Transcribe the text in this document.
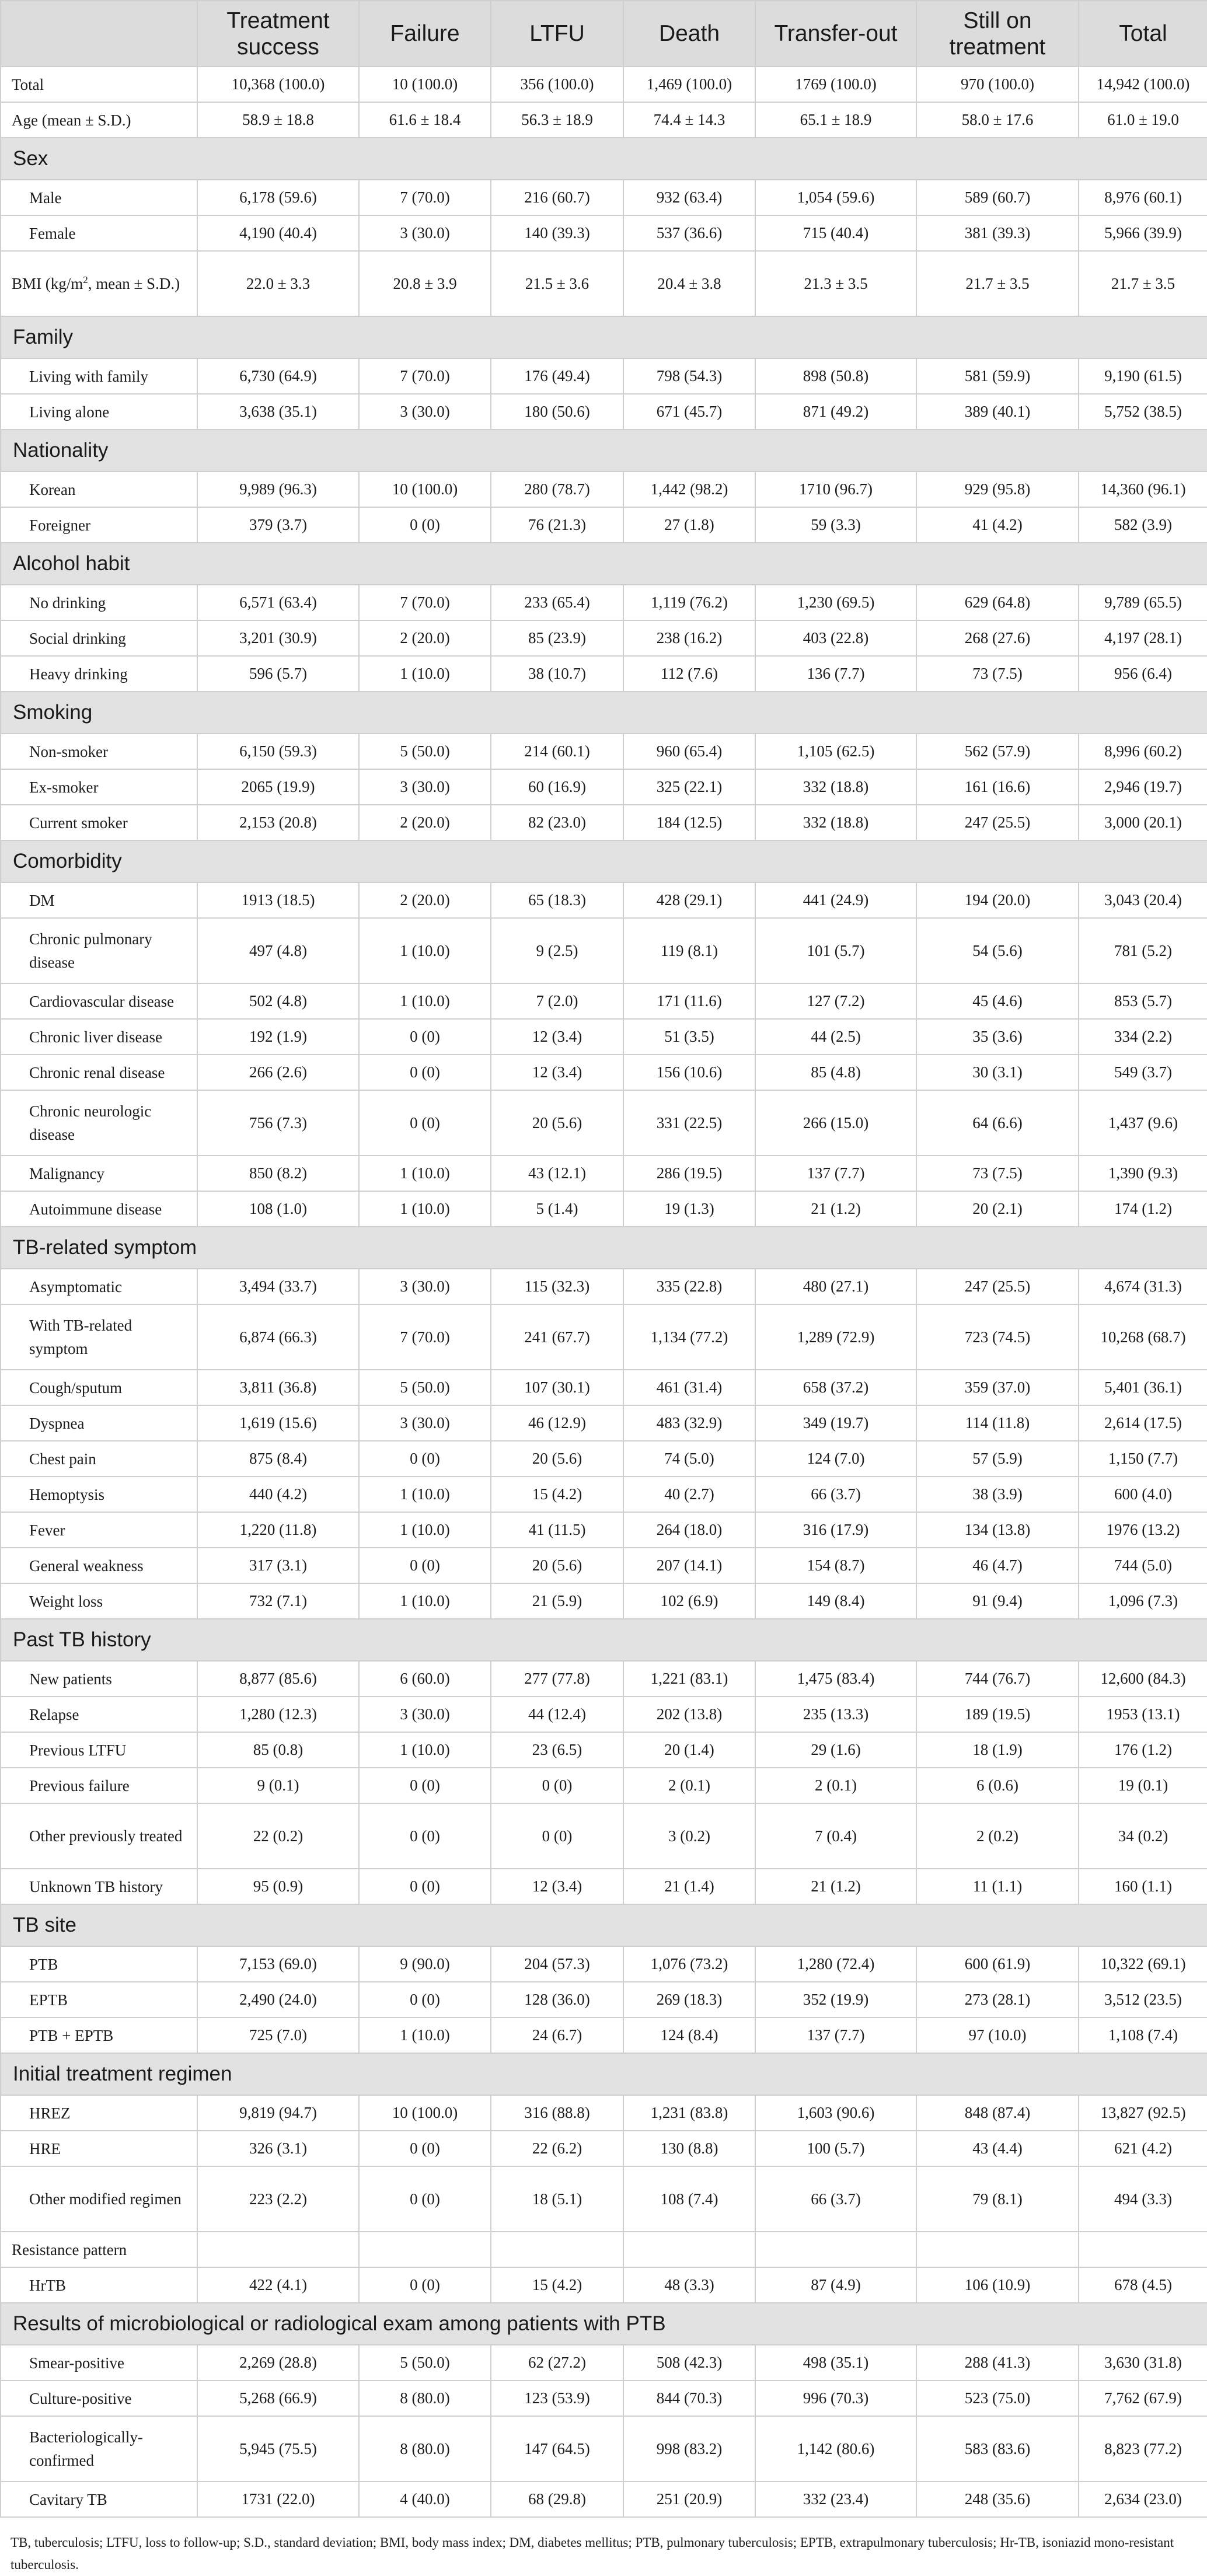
	Treatment success	Failure	LTFU	Death	Transfer-out	Still on treatment	Total
Total	10,368 (100.0)	10 (100.0)	356 (100.0)	1,469 (100.0)	1769 (100.0)	970 (100.0)	14,942 (100.0)
Age (mean ± S.D.)	58.9 ± 18.8	61.6 ± 18.4	56.3 ± 18.9	74.4 ± 14.3	65.1 ± 18.9	58.0 ± 17.6	61.0 ± 19.0
Sex							
Male	6,178 (59.6)	7 (70.0)	216 (60.7)	932 (63.4)	1,054 (59.6)	589 (60.7)	8,976 (60.1)
Female	4,190 (40.4)	3 (30.0)	140 (39.3)	537 (36.6)	715 (40.4)	381 (39.3)	5,966 (39.9)
BMI ($kg/m^2$, mean ± S.D.)	22.0 ± 3.3	20.8 ± 3.9	21.5 ± 3.6	20.4 ± 3.8	21.3 ± 3.5	21.7 ± 3.5	21.7 ± 3.5
Family							
Living with family	6,730 (64.9)	7 (70.0)	176 (49.4)	798 (54.3)	898 (50.8)	581 (59.9)	9,190 (61.5)
Living alone	3,638 (35.1)	3 (30.0)	180 (50.6)	671 (45.7)	871 (49.2)	389 (40.1)	5,752 (38.5)
Nationality							
Korean	9,989 (96.3)	10 (100.0)	280 (78.7)	1,442 (98.2)	1710 (96.7)	929 (95.8)	14,360 (96.1)
Foreigner	379 (3.7)	0 (0)	76 (21.3)	27 (1.8)	59 (3.3)	41 (4.2)	582 (3.9)
Alcohol habit							
No drinking	6,571 (63.4)	7 (70.0)	233 (65.4)	1,119 (76.2)	1,230 (69.5)	629 (64.8)	9,789 (65.5)
Social drinking	3,201 (30.9)	2 (20.0)	85 (23.9)	238 (16.2)	403 (22.8)	268 (27.6)	4,197 (28.1)
Heavy drinking	596 (5.7)	1 (10.0)	38 (10.7)	112 (7.6)	136 (7.7)	73 (7.5)	956 (6.4)
Smoking							
Non-smoker	6,150 (59.3)	5 (50.0)	214 (60.1)	960 (65.4)	1,105 (62.5)	562 (57.9)	8,996 (60.2)
Ex-smoker	2065 (19.9)	3 (30.0)	60 (16.9)	325 (22.1)	332 (18.8)	161 (16.6)	2,946 (19.7)
Current smoker	2,153 (20.8)	2 (20.0)	82 (23.0)	184 (12.5)	332 (18.8)	247 (25.5)	3,000 (20.1)
Comorbidity							
DM	1913 (18.5)	2 (20.0)	65 (18.3)	428 (29.1)	441 (24.9)	194 (20.0)	3,043 (20.4)
Chronic pulmonary disease	497 (4.8)	1 (10.0)	9 (2.5)	119 (8.1)	101 (5.7)	54 (5.6)	781 (5.2)
Cardiovascular disease	502 (4.8)	1 (10.0)	7 (2.0)	171 (11.6)	127 (7.2)	45 (4.6)	853 (5.7)
Chronic liver disease	192 (1.9)	0 (0)	12 (3.4)	51 (3.5)	44 (2.5)	35 (3.6)	334 (2.2)
Chronic renal disease	266 (2.6)	0 (0)	12 (3.4)	156 (10.6)	85 (4.8)	30 (3.1)	549 (3.7)
Chronic neurologic disease	756 (7.3)	0 (0)	20 (5.6)	331 (22.5)	266 (15.0)	64 (6.6)	1,437 (9.6)
Malignancy	850 (8.2)	1 (10.0)	43 (12.1)	286 (19.5)	137 (7.7)	73 (7.5)	1,390 (9.3)
Autoimmune disease	108 (1.0)	1 (10.0)	5 (1.4)	19 (1.3)	21 (1.2)	20 (2.1)	174 (1.2)
TB-related symptom							
Asymptomatic	3,494 (33.7)	3 (30.0)	115 (32.3)	335 (22.8)	480 (27.1)	247 (25.5)	4,674 (31.3)
With TB-related symptom	6,874 (66.3)	7 (70.0)	241 (67.7)	1,134 (77.2)	1,289 (72.9)	723 (74.5)	10,268 (68.7)
Cough/sputum	3,811 (36.8)	5 (50.0)	107 (30.1)	461 (31.4)	658 (37.2)	359 (37.0)	5,401 (36.1)
Dyspnea	1,619 (15.6)	3 (30.0)	46 (12.9)	483 (32.9)	349 (19.7)	114 (11.8)	2,614 (17.5)
Chest pain	875 (8.4)	0 (0)	20 (5.6)	74 (5.0)	124 (7.0)	57 (5.9)	1,150 (7.7)
Hemoptysis	440 (4.2)	1 (10.0)	15 (4.2)	40 (2.7)	66 (3.7)	38 (3.9)	600 (4.0)
Fever	1,220 (11.8)	1 (10.0)	41 (11.5)	264 (18.0)	316 (17.9)	134 (13.8)	1976 (13.2)
General weakness	317 (3.1)	0 (0)	20 (5.6)	207 (14.1)	154 (8.7)	46 (4.7)	744 (5.0)
Weight loss	732 (7.1)	1 (10.0)	21 (5.9)	102 (6.9)	149 (8.4)	91 (9.4)	1,096 (7.3)
Past TB history							
New patients	8,877 (85.6)	6 (60.0)	277 (77.8)	1,221 (83.1)	1,475 (83.4)	744 (76.7)	12,600 (84.3)
Relapse	1,280 (12.3)	3 (30.0)	44 (12.4)	202 (13.8)	235 (13.3)	189 (19.5)	1953 (13.1)
Previous LTFU	85 (0.8)	1 (10.0)	23 (6.5)	20 (1.4)	29 (1.6)	18 (1.9)	176 (1.2)
Previous failure	9 (0.1)	0 (0)	0 (0)	2 (0.1)	2 (0.1)	6 (0.6)	19 (0.1)
Other previously treated	22 (0.2)	0 (0)	0 (0)	3 (0.2)	7 (0.4)	2 (0.2)	34 (0.2)
Unknown TB history	95 (0.9)	0 (0)	12 (3.4)	21 (1.4)	21 (1.2)	11 (1.1)	160 (1.1)
TB site							
PTB	7,153 (69.0)	9 (90.0)	204 (57.3)	1,076 (73.2)	1,280 (72.4)	600 (61.9)	10,322 (69.1)
EPTB	2,490 (24.0)	0 (0)	128 (36.0)	269 (18.3)	352 (19.9)	273 (28.1)	3,512 (23.5)
PTB + EPTB	725 (7.0)	1 (10.0)	24 (6.7)	124 (8.4)	137 (7.7)	97 (10.0)	1,108 (7.4)
Initial treatment regimen							
HREZ	9,819 (94.7)	10 (100.0)	316 (88.8)	1,231 (83.8)	1,603 (90.6)	848 (87.4)	13,827 (92.5)
HRE	326 (3.1)	0 (0)	22 (6.2)	130 (8.8)	100 (5.7)	43 (4.4)	621 (4.2)
Other modified regimen	223 (2.2)	0 (0)	18 (5.1)	108 (7.4)	66 (3.7)	79 (8.1)	494 (3.3)
Resistance pattern							
HrTB	422 (4.1)	0 (0)	15 (4.2)	48 (3.3)	87 (4.9)	106 (10.9)	678 (4.5)
Results of microbiological or radiological exam among patients with PTB							
Smear-positive	2,269 (28.8)	5 (50.0)	62 (27.2)	508 (42.3)	498 (35.1)	288 (41.3)	3,630 (31.8)
Culture-positive	5,268 (66.9)	8 (80.0)	123 (53.9)	844 (70.3)	996 (70.3)	523 (75.0)	7,762 (67.9)
Bacteriologically-confirmed	5,945 (75.5)	8 (80.0)	147 (64.5)	998 (83.2)	1,142 (80.6)	583 (83.6)	8,823 (77.2)
Cavitary TB	1731 (22.0)	4 (40.0)	68 (29.8)	251 (20.9)	332 (23.4)	248 (35.6)	2,634 (23.0)
TB, tuberculosis; LTFU, loss to follow-up; S.D., standard deviation; BMI, body mass index; DM, diabetes mellitus; PTB, pulmonary tuberculosis; EPTB, extrapulmonary tuberculosis; Hr-TB, isoniazid mono-resistant tuberculosis.
